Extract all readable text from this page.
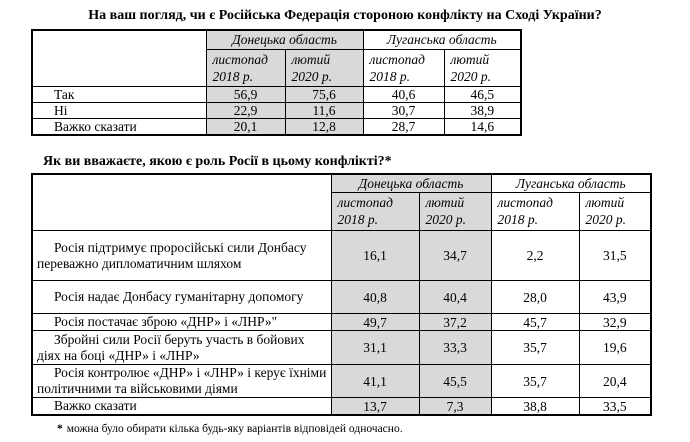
На ваш погляд, чи є Російська Федерація стороною конфлікту на Сході України?
	Донецька область		Луганська область	
	листопад 2018 р.	лютий 2020 р.	листопад 2018 р.	лютий 2020 р.
Так	56,9	75,6	40,6	46,5
Ні	22,9	11,6	30,7	38,9
Важко сказати	20,1	12,8	28,7	14,6
Як ви вважаєте, якою є роль Росії в цьому конфлікті?*
	Донецька область		Луганська область	
	листопад 2018 р.	лютий 2020 р.	листопад 2018 р.	лютий 2020 р.
Росія підтримує проросійські сили Донбасу переважно дипломатичним шляхом	16,1	34,7	2,2	31,5
Росія надає Донбасу гуманітарну допомогу	40,8	40,4	28,0	43,9
Росія постачає зброю «ДНР» і «ЛНР»"	49,7	37,2	45,7	32,9
Збройні сили Росії беруть участь в бойових діях на боці «ДНР» і «ЛНР»	31,1	33,3	35,7	19,6
Росія контролює «ДНР» і «ЛНР» і керує їхніми політичними та військовими діями	41,1	45,5	35,7	20,4
Важко сказати	13,7	7,3	38,8	33,5
* можна було обирати кілька будь-яку варіантів відповідей одночасно.
